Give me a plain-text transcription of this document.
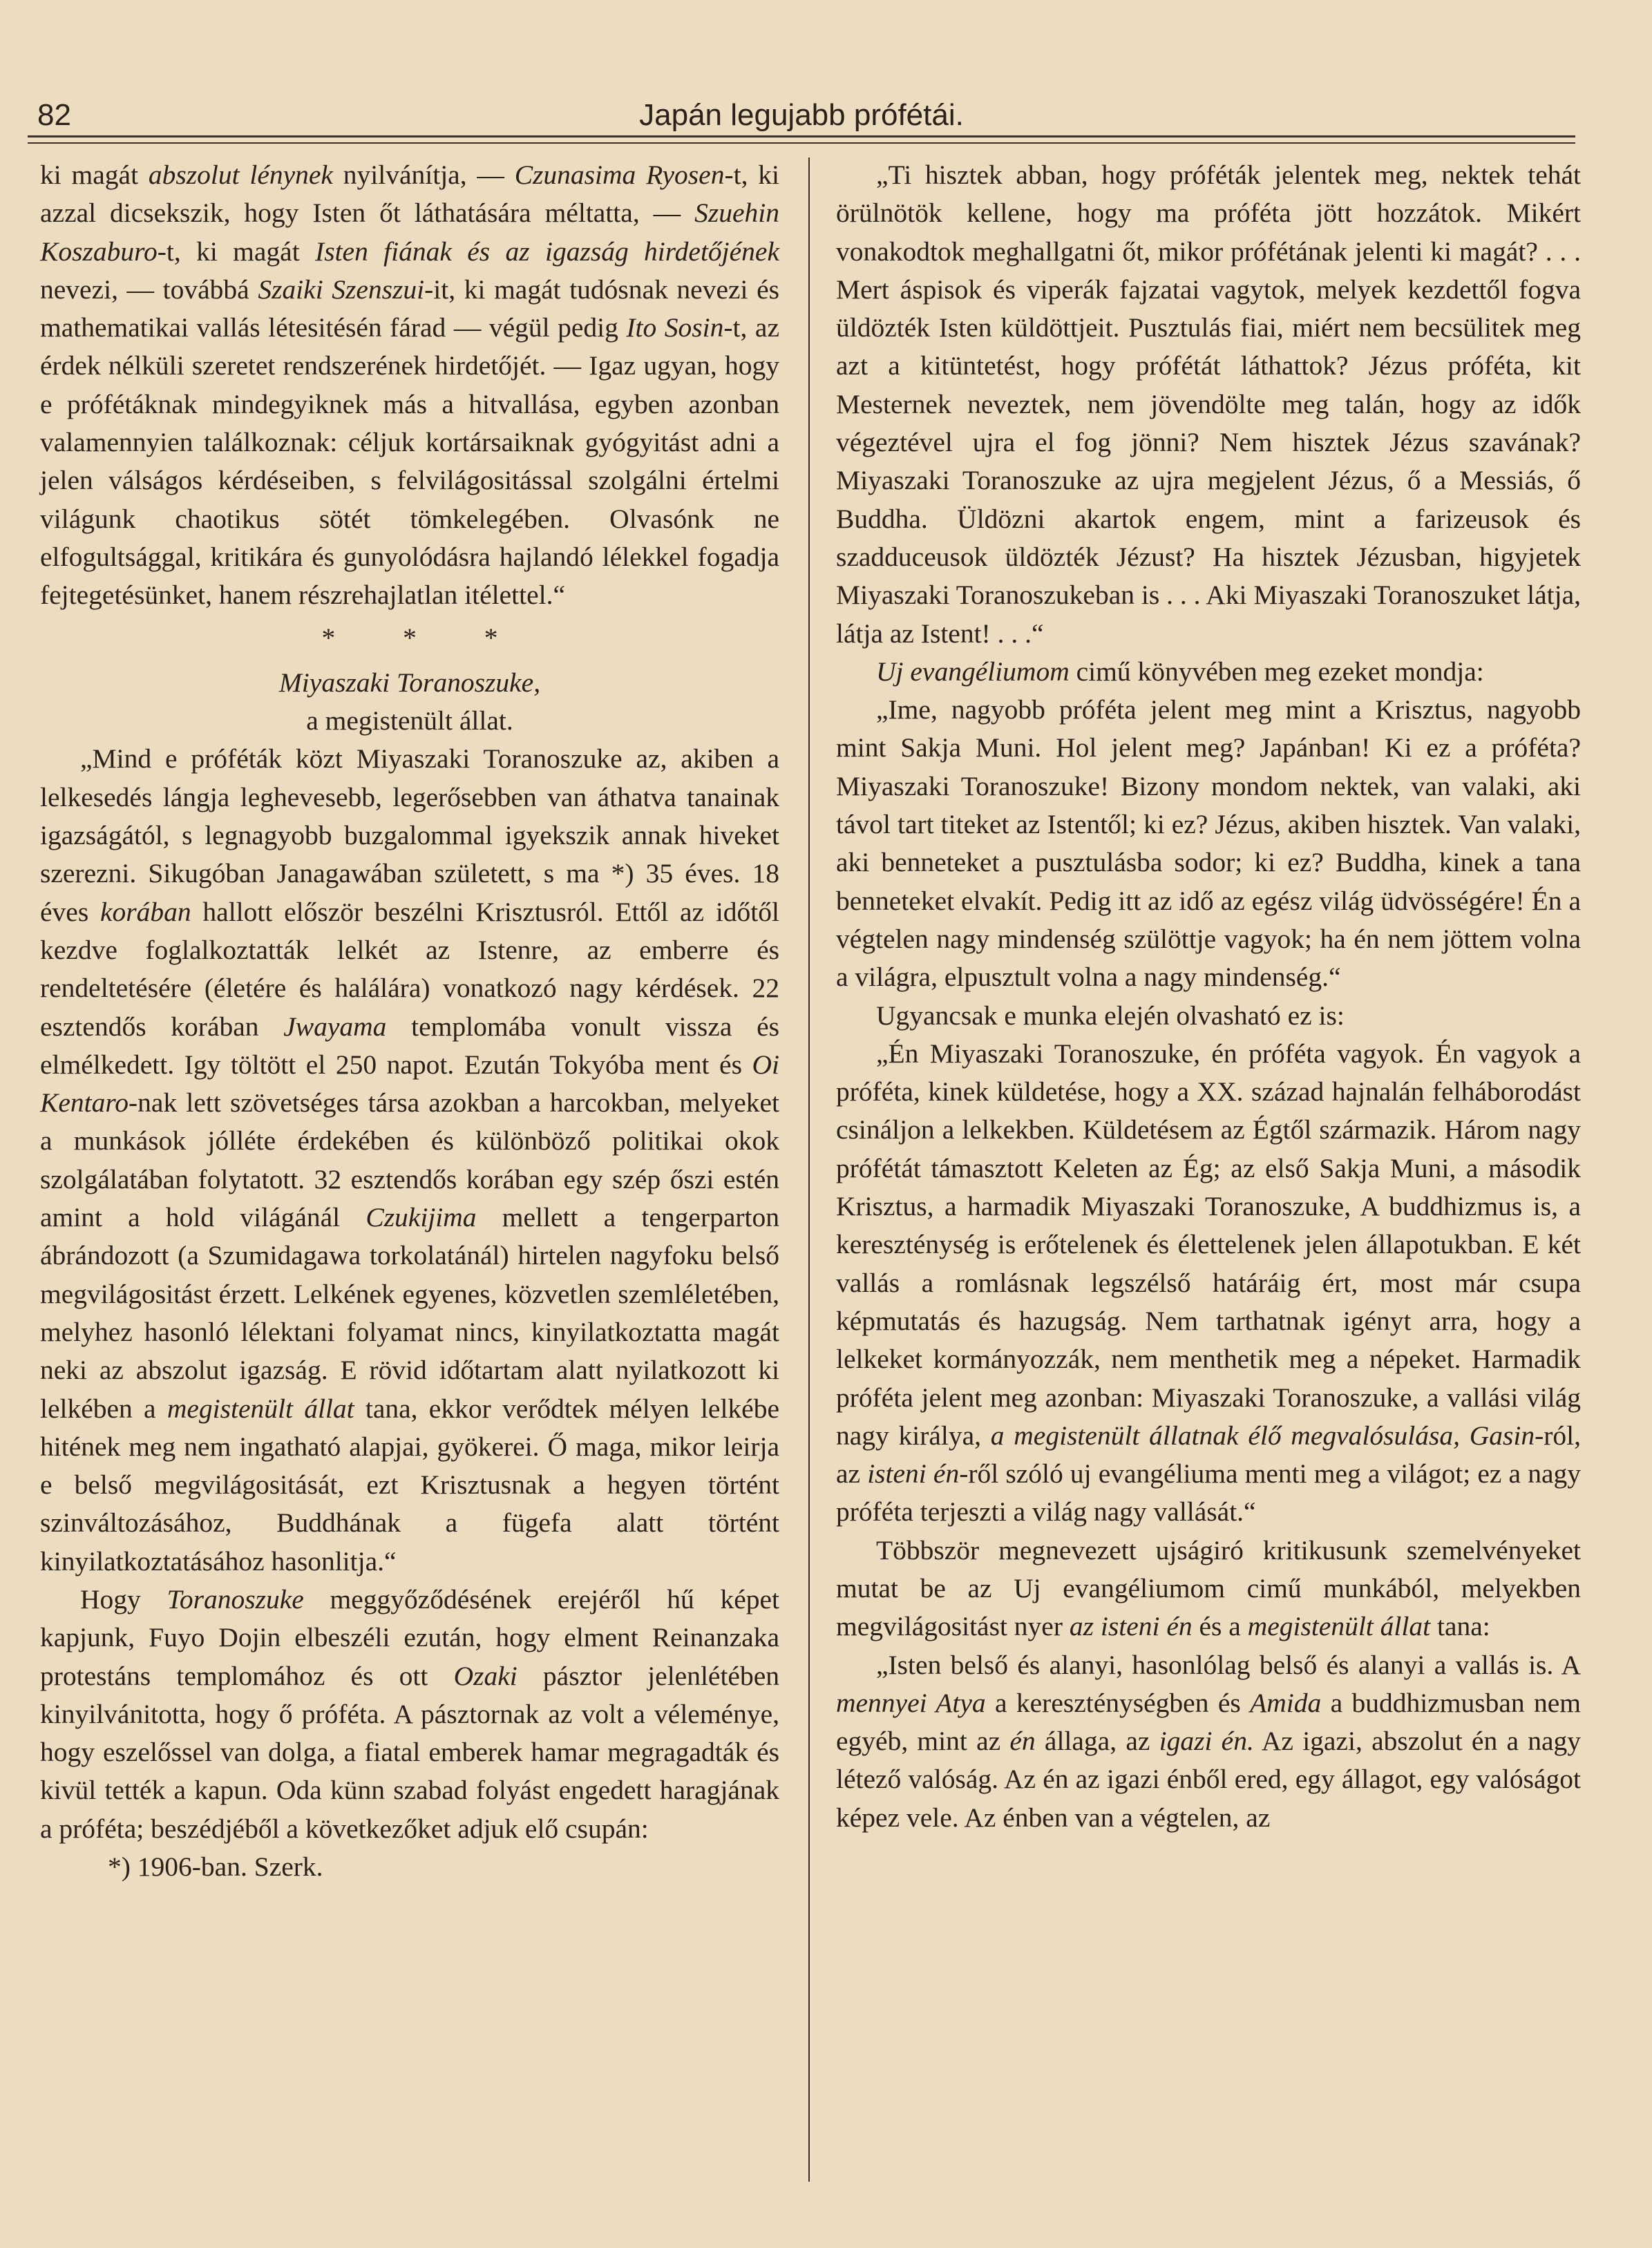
82	Japán legujabb prófétái.

ki magát abszolut lénynek nyilvánítja, — Czunasima Ryosen-t, ki azzal dicsekszik, hogy Isten őt láthatására méltatta, — Szuehin Koszaburo-t, ki magát Isten fiának és az igazság hirdetőjének nevezi, — továbbá Szaiki Szenszui-it, ki magát tudósnak nevezi és mathematikai vallás létesitésén fárad — végül pedig Ito Sosin-t, az érdek nélküli szeretet rendszerének hirdetőjét. — Igaz ugyan, hogy e prófétáknak mindegyiknek más a hitvallása, egyben azonban valamennyien találkoznak: céljuk kortársaiknak gyógyitást adni a jelen válságos kérdéseiben, s felvilágositással szolgálni értelmi világunk chaotikus sötét tömkelegében. Olvasónk ne elfogultsággal, kritikára és gunyolódásra hajlandó lélekkel fogadja fejtegetésünket, hanem részrehajlatlan itélettel.“

* * *
Miyaszaki Toranoszuke,
a megistenült állat.

„Mind e próféták közt Miyaszaki Toranoszuke az, akiben a lelkesedés lángja leghevesebb, legerősebben van áthatva tanainak igazságától, s legnagyobb buzgalommal igyekszik annak hiveket szerezni. Sikugóban Janagawában született, s ma *) 35 éves. 18 éves korában hallott először beszélni Krisztusról. Ettől az időtől kezdve foglalkoztatták lelkét az Istenre, az emberre és rendeltetésére (életére és halálára) vonatkozó nagy kérdések. 22 esztendős korában Jwayama templomába vonult vissza és elmélkedett. Igy töltött el 250 napot. Ezután Tokyóba ment és Oi Kentaro-nak lett szövetséges társa azokban a harcokban, melyeket a munkások jólléte érdekében és különböző politikai okok szolgálatában folytatott. 32 esztendős korában egy szép őszi estén amint a hold világánál Czukijima mellett a tengerparton ábrándozott (a Szumidagawa torkolatánál) hirtelen nagyfoku belső megvilágositást érzett. Lelkének egyenes, közvetlen szemléletében, melyhez hasonló lélektani folyamat nincs, kinyilatkoztatta magát neki az abszolut igazság. E rövid időtartam alatt nyilatkozott ki lelkében a megistenült állat tana, ekkor verődtek mélyen lelkébe hitének meg nem ingatható alapjai, gyökerei. Ő maga, mikor leirja e belső megvilágositását, ezt Krisztusnak a hegyen történt szinváltozásához, Buddhának a fügefa alatt történt kinyilatkoztatásához hasonlitja.“

Hogy Toranoszuke meggyőződésének erejéről hű képet kapjunk, Fuyo Dojin elbeszéli ezután, hogy elment Reinanzaka protestáns templomához és ott Ozaki pásztor jelenlétében kinyilvánitotta, hogy ő próféta. A pásztornak az volt a véleménye, hogy eszelőssel van dolga, a fiatal emberek hamar megragadták és kivül tették a kapun. Oda künn szabad folyást engedett haragjának a próféta; beszédjéből a következőket adjuk elő csupán:

*) 1906-ban. Szerk.

„Ti hisztek abban, hogy próféták jelentek meg, nektek tehát örülnötök kellene, hogy ma próféta jött hozzátok. Mikért vonakodtok meghallgatni őt, mikor prófétának jelenti ki magát? . . . Mert áspisok és viperák fajzatai vagytok, melyek kezdettől fogva üldözték Isten küldöttjeit. Pusztulás fiai, miért nem becsülitek meg azt a kitüntetést, hogy prófétát láthattok? Jézus próféta, kit Mesternek neveztek, nem jövendölte meg talán, hogy az idők végeztével ujra el fog jönni? Nem hisztek Jézus szavának? Miyaszaki Toranoszuke az ujra megjelent Jézus, ő a Messiás, ő Buddha. Üldözni akartok engem, mint a farizeusok és szadduceusok üldözték Jézust? Ha hisztek Jézusban, higyjetek Miyaszaki Toranoszukeban is . . . Aki Miyaszaki Toranoszuket látja, látja az Istent! . . .“

Uj evangéliumom cimű könyvében meg ezeket mondja:

„Ime, nagyobb próféta jelent meg mint a Krisztus, nagyobb mint Sakja Muni. Hol jelent meg? Japánban! Ki ez a próféta? Miyaszaki Toranoszuke! Bizony mondom nektek, van valaki, aki távol tart titeket az Istentől; ki ez? Jézus, akiben hisztek. Van valaki, aki benneteket a pusztulásba sodor; ki ez? Buddha, kinek a tana benneteket elvakít. Pedig itt az idő az egész világ üdvösségére! Én a végtelen nagy mindenség szülöttje vagyok; ha én nem jöttem volna a világra, elpusztult volna a nagy mindenség.“

Ugyancsak e munka elején olvasható ez is:

„Én Miyaszaki Toranoszuke, én próféta vagyok. Én vagyok a próféta, kinek küldetése, hogy a XX. század hajnalán felháborodást csináljon a lelkekben. Küldetésem az Égtől származik. Három nagy prófétát támasztott Keleten az Ég; az első Sakja Muni, a második Krisztus, a harmadik Miyaszaki Toranoszuke, A buddhizmus is, a kereszténység is erőtelenek és élettelenek jelen állapotukban. E két vallás a romlásnak legszélső határáig ért, most már csupa képmutatás és hazugság. Nem tarthatnak igényt arra, hogy a lelkeket kormányozzák, nem menthetik meg a népeket. Harmadik próféta jelent meg azonban: Miyaszaki Toranoszuke, a vallási világ nagy királya, a megistenült állatnak élő megvalósulása, Gasin-ról, az isteni én-ről szóló uj evangéliuma menti meg a világot; ez a nagy próféta terjeszti a világ nagy vallását.“

Többször megnevezett ujságiró kritikusunk szemelvényeket mutat be az Uj evangéliumom cimű munkából, melyekben megvilágositást nyer az isteni én és a megistenült állat tana:

„Isten belső és alanyi, hasonlólag belső és alanyi a vallás is. A mennyei Atya a kereszténységben és Amida a buddhizmusban nem egyéb, mint az én állaga, az igazi én. Az igazi, abszolut én a nagy létező valóság. Az én az igazi énből ered, egy állagot, egy valóságot képez vele. Az énben van a végtelen, az
